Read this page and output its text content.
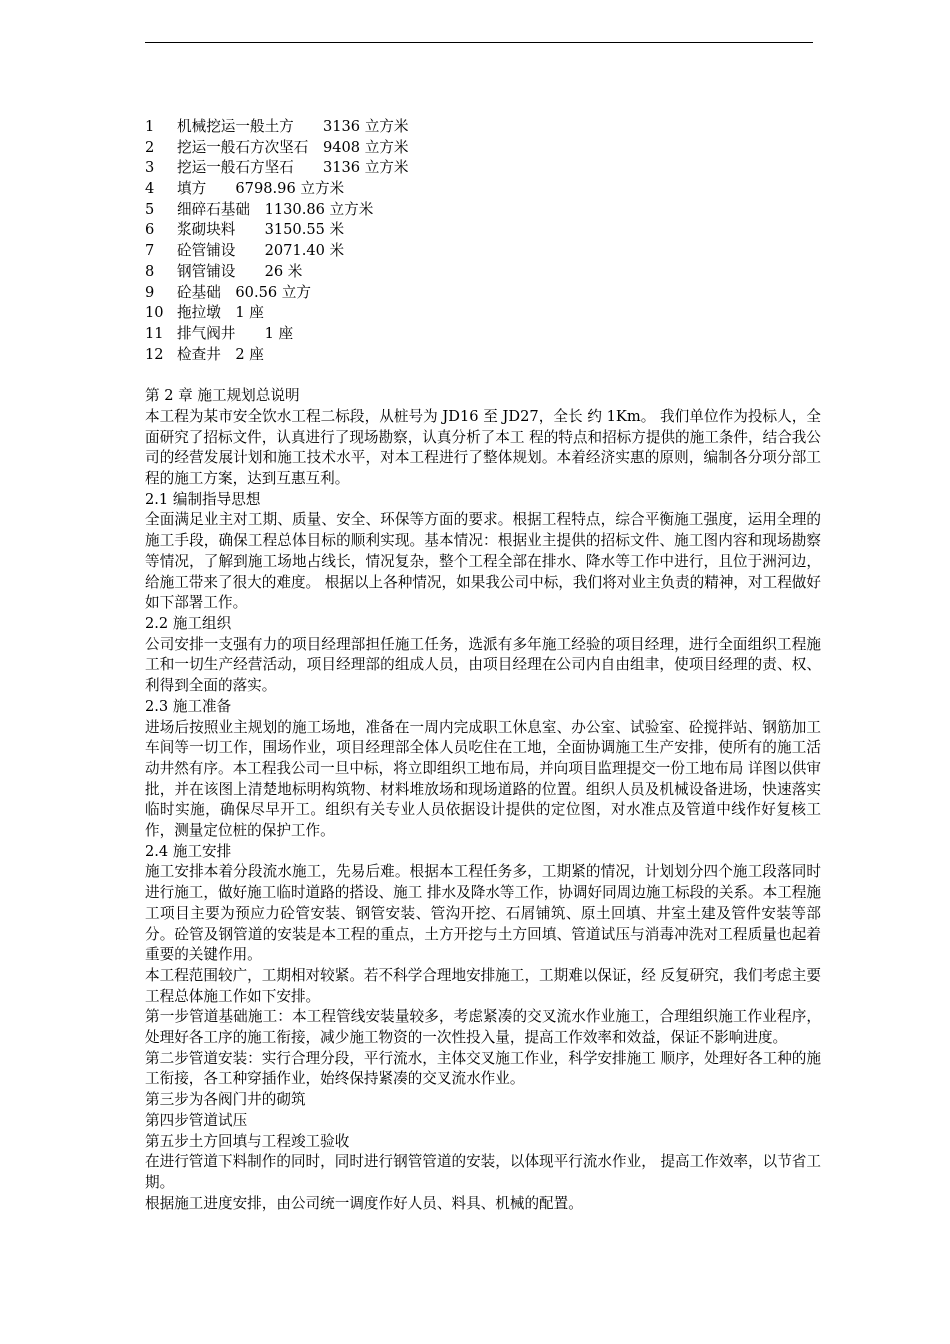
1 机械挖运一般土方　　3136 立方米
2 挖运一般石方次坚石　9408 立方米
3 挖运一般石方坚石　　3136 立方米
4 填方　　6798.96 立方米
5 细碎石基础　1130.86 立方米
6 浆砌块料　　3150.55 米
7 砼管铺设　　2071.40 米
8 钢管铺设　　26 米
9 砼基础　60.56 立方
10 拖拉墩　1 座
11 排气阀井　　1 座
12 检查井　2 座
第 2 章 施工规划总说明

本工程为某市安全饮水工程二标段，从桩号为 JD16 至 JD27，全长 约 1Km。 我们单位作为投标人，全面研究了招标文件，认真进行了现场勘察，认真分析了本工 程的特点和招标方提供的施工条件，结合我公司的经营发展计划和施工技术水平，对本工程进行了整体规划。本着经济实惠的原则，编制各分项分部工程的施工方案，达到互惠互利。

2.1 编制指导思想

全面满足业主对工期、质量、安全、环保等方面的要求。根据工程特点，综合平衡施工强度，运用全理的施工手段，确保工程总体目标的顺利实现。基本情况：根据业主提供的招标文件、施工图内容和现场勘察等情况，了解到施工场地占线长，情况复杂，整个工程全部在排水、降水等工作中进行，且位于洲河边，给施工带来了很大的难度。 根据以上各种情况，如果我公司中标，我们将对业主负责的精神，对工程做好如下部署工作。

2.2 施工组织

公司安排一支强有力的项目经理部担任施工任务，选派有多年施工经验的项目经理，进行全面组织工程施工和一切生产经营活动，项目经理部的组成人员，由项目经理在公司内自由组聿，使项目经理的责、权、利得到全面的落实。

2.3 施工准备

进场后按照业主规划的施工场地，准备在一周内完成职工休息室、办公室、试验室、砼搅拌站、钢筋加工车间等一切工作，围场作业，项目经理部全体人员吃住在工地，全面协调施工生产安排，使所有的施工活动井然有序。本工程我公司一旦中标，将立即组织工地布局，并向项目监理提交一份工地布局 详图以供审批，并在该图上清楚地标明构筑物、材料堆放场和现场道路的位置。组织人员及机械设备进场，快速落实临时实施，确保尽早开工。组织有关专业人员依据设计提供的定位图，对水准点及管道中线作好复核工作，测量定位桩的保护工作。

2.4 施工安排

施工安排本着分段流水施工，先易后难。根据本工程任务多，工期紧的情况，计划划分四个施工段落同时进行施工，做好施工临时道路的搭设、施工 排水及降水等工作，协调好同周边施工标段的关系。本工程施工项目主要为预应力砼管安装、钢管安装、管沟开挖、石屑铺筑、原土回填、井室土建及管件安装等部分。砼管及钢管道的安装是本工程的重点，土方开挖与土方回填、管道试压与消毒冲洗对工程质量也起着重要的关键作用。

本工程范围较广，工期相对较紧。若不科学合理地安排施工，工期难以保证，经 反复研究，我们考虑主要工程总体施工作如下安排。

第一步管道基础施工：本工程管线安装量较多，考虑紧凑的交叉流水作业施工，合理组织施工作业程序，处理好各工序的施工衔接，减少施工物资的一次性投入量，提高工作效率和效益，保证不影响进度。

第二步管道安装：实行合理分段，平行流水，主体交叉施工作业，科学安排施工 顺序，处理好各工种的施工衔接，各工种穿插作业，始终保持紧凑的交叉流水作业。

第三步为各阀门井的砌筑

第四步管道试压

第五步土方回填与工程竣工验收

在进行管道下料制作的同时，同时进行钢管管道的安装，以体现平行流水作业， 提高工作效率，以节省工期。

根据施工进度安排，由公司统一调度作好人员、料具、机械的配置。
